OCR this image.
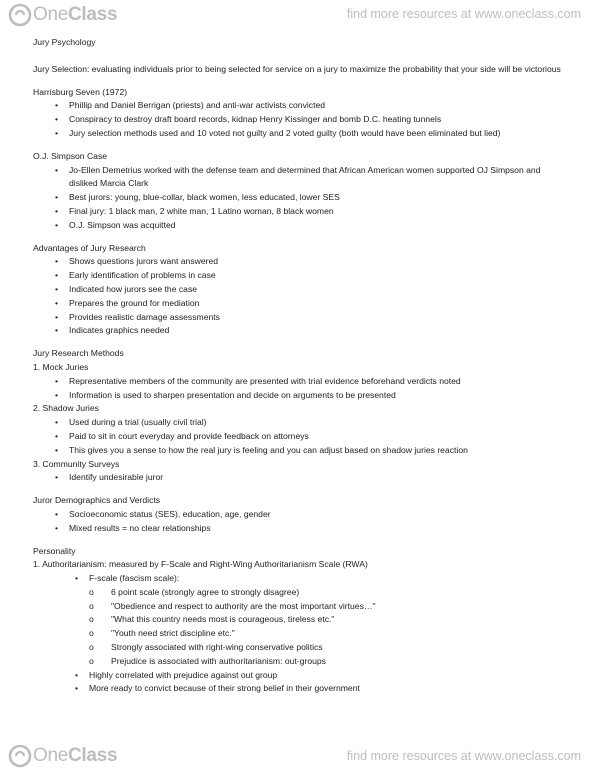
OneClass	find more resources at www.oneclass.com

Jury Psychology

Jury Selection: evaluating individuals prior to being selected for service on a jury to maximize the probability that your side will be victorious

Harrisburg Seven (1972)

• Phillip and Daniel Berrigan (priests) and anti-war activists convicted
• Conspiracy to destroy draft board records, kidnap Henry Kissinger and bomb D.C. heating tunnels
• Jury selection methods used and 10 voted not guilty and 2 voted guilty (both would have been eliminated but lied)

O.J. Simpson Case

• Jo-Ellen Demetrius worked with the defense team and determined that African American women supported OJ Simpson and disliked Marcia Clark
• Best jurors: young, blue-collar, black women, less educated, lower SES
• Final jury: 1 black man, 2 white man, 1 Latino woman, 8 black women
• O.J. Simpson was acquitted

Advantages of Jury Research

• Shows questions jurors want answered
• Early identification of problems in case
• Indicated how jurors see the case
• Prepares the ground for mediation
• Provides realistic damage assessments
• Indicates graphics needed

Jury Research Methods

1. Mock Juries

• Representative members of the community are presented with trial evidence beforehand verdicts noted
• Information is used to sharpen presentation and decide on arguments to be presented

2. Shadow Juries

• Used during a trial (usually civil trial)
• Paid to sit in court everyday and provide feedback on attorneys
• This gives you a sense to how the real jury is feeling and you can adjust based on shadow juries reaction

3. Community Surveys

• Identify undesirable juror

Juror Demographics and Verdicts

• Socioeconomic status (SES), education, age, gender
• Mixed results = no clear relationships

Personality

1. Authoritarianism: measured by F-Scale and Right-Wing Authoritarianism Scale (RWA)

• F-scale (fascism scale):
o 6 point scale (strongly agree to strongly disagree)
o "Obedience and respect to authority are the most important virtues…"
o "What this country needs most is courageous, tireless etc."
o "Youth need strict discipline etc."
o Strongly associated with right-wing conservative politics
o Prejudice is associated with authoritarianism: out-groups
• Highly correlated with prejudice against out group
• More ready to convict because of their strong belief in their government
OneClass	find more resources at www.oneclass.com
